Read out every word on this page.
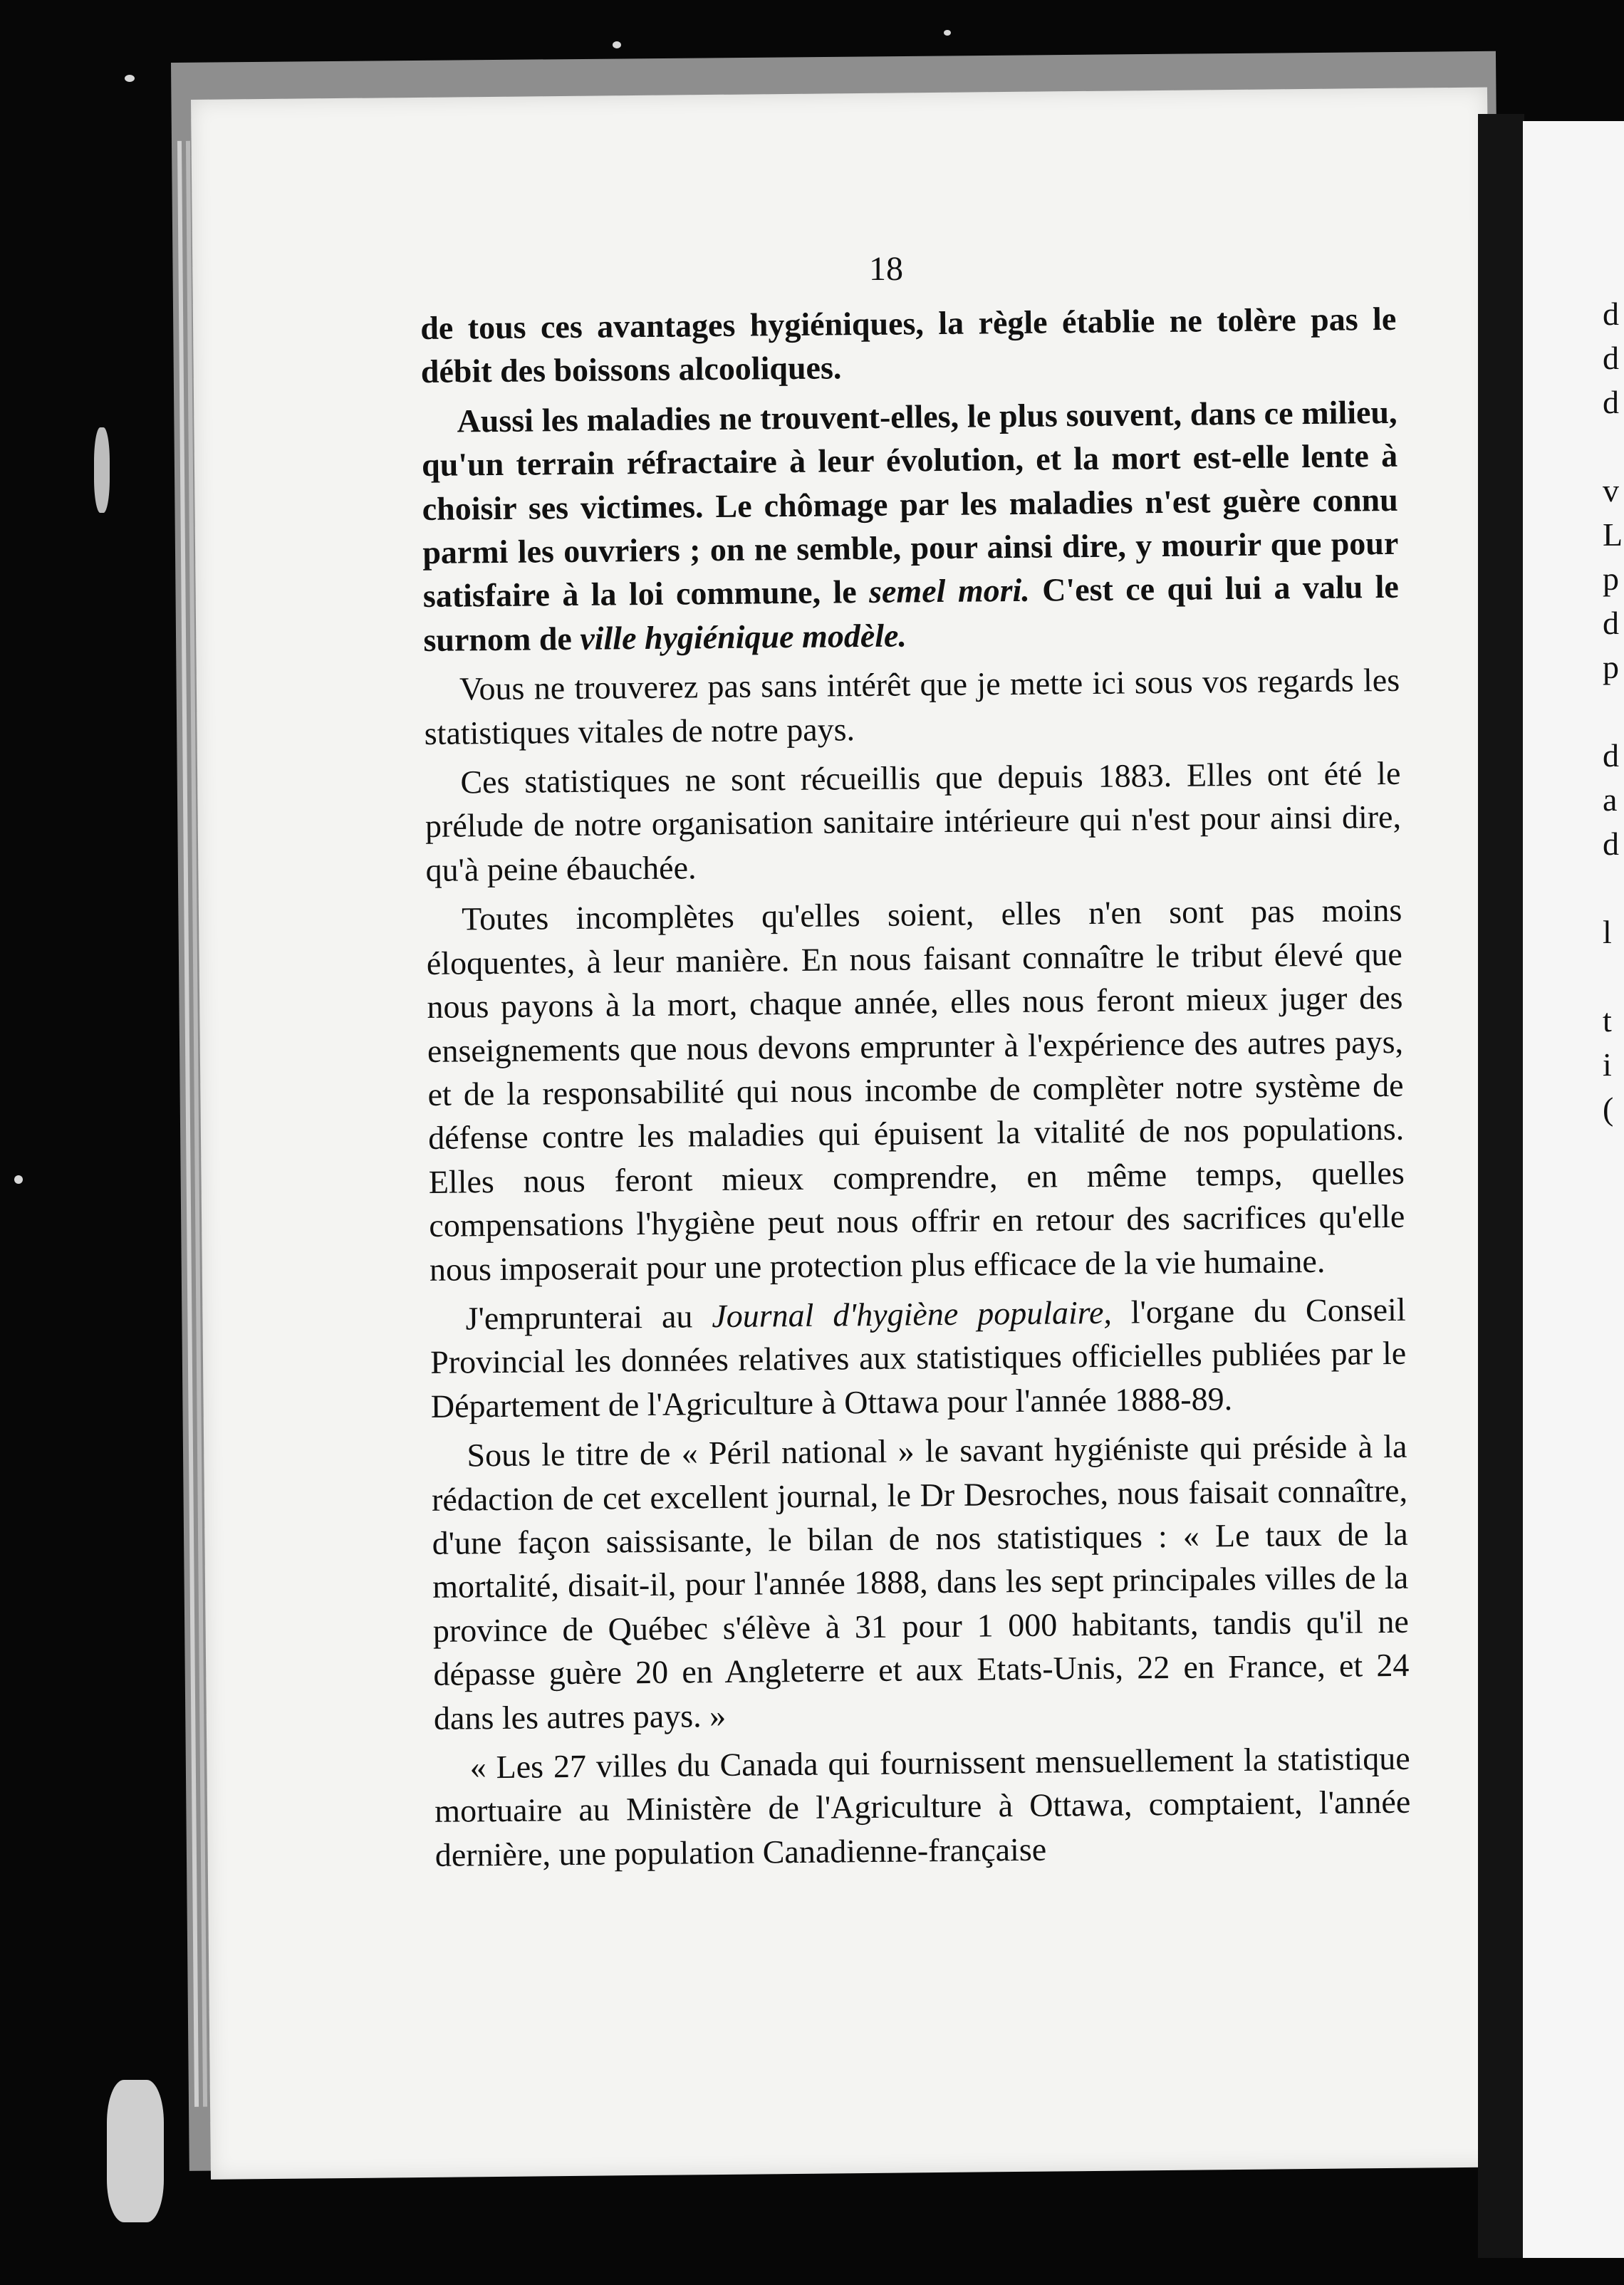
d
d
d
v
L
p
d
p
d
a
d
l
t
i
(
18

de tous ces avantages hygiéniques, la règle établie ne tolère pas le débit des boissons alcooliques.

Aussi les maladies ne trouvent-elles, le plus souvent, dans ce milieu, qu'un terrain réfractaire à leur évolution, et la mort est-elle lente à choisir ses victimes. Le chômage par les maladies n'est guère connu parmi les ouvriers ; on ne semble, pour ainsi dire, y mourir que pour satisfaire à la loi commune, le semel mori. C'est ce qui lui a valu le surnom de ville hygiénique modèle.

Vous ne trouverez pas sans intérêt que je mette ici sous vos regards les statistiques vitales de notre pays.

Ces statistiques ne sont récueillis que depuis 1883. Elles ont été le prélude de notre organisation sanitaire intérieure qui n'est pour ainsi dire, qu'à peine ébauchée.

Toutes incomplètes qu'elles soient, elles n'en sont pas moins éloquentes, à leur manière. En nous faisant connaître le tribut élevé que nous payons à la mort, chaque année, elles nous feront mieux juger des enseignements que nous devons emprunter à l'expérience des autres pays, et de la responsabilité qui nous incombe de complèter notre système de défense contre les maladies qui épuisent la vitalité de nos populations. Elles nous feront mieux comprendre, en même temps, quelles compensations l'hygiène peut nous offrir en retour des sacrifices qu'elle nous imposerait pour une protection plus efficace de la vie humaine.

J'emprunterai au Journal d'hygiène populaire, l'organe du Conseil Provincial les données relatives aux statistiques officielles publiées par le Département de l'Agriculture à Ottawa pour l'année 1888-89.

Sous le titre de « Péril national » le savant hygiéniste qui préside à la rédaction de cet excellent journal, le Dr Desroches, nous faisait connaître, d'une façon saissisante, le bilan de nos statistiques : « Le taux de la mortalité, disait-il, pour l'année 1888, dans les sept principales villes de la province de Québec s'élève à 31 pour 1 000 habitants, tandis qu'il ne dépasse guère 20 en Angleterre et aux Etats-Unis, 22 en France, et 24 dans les autres pays. »

« Les 27 villes du Canada qui fournissent mensuellement la statistique mortuaire au Ministère de l'Agriculture à Ottawa, comptaient, l'année dernière, une population Canadienne-française
